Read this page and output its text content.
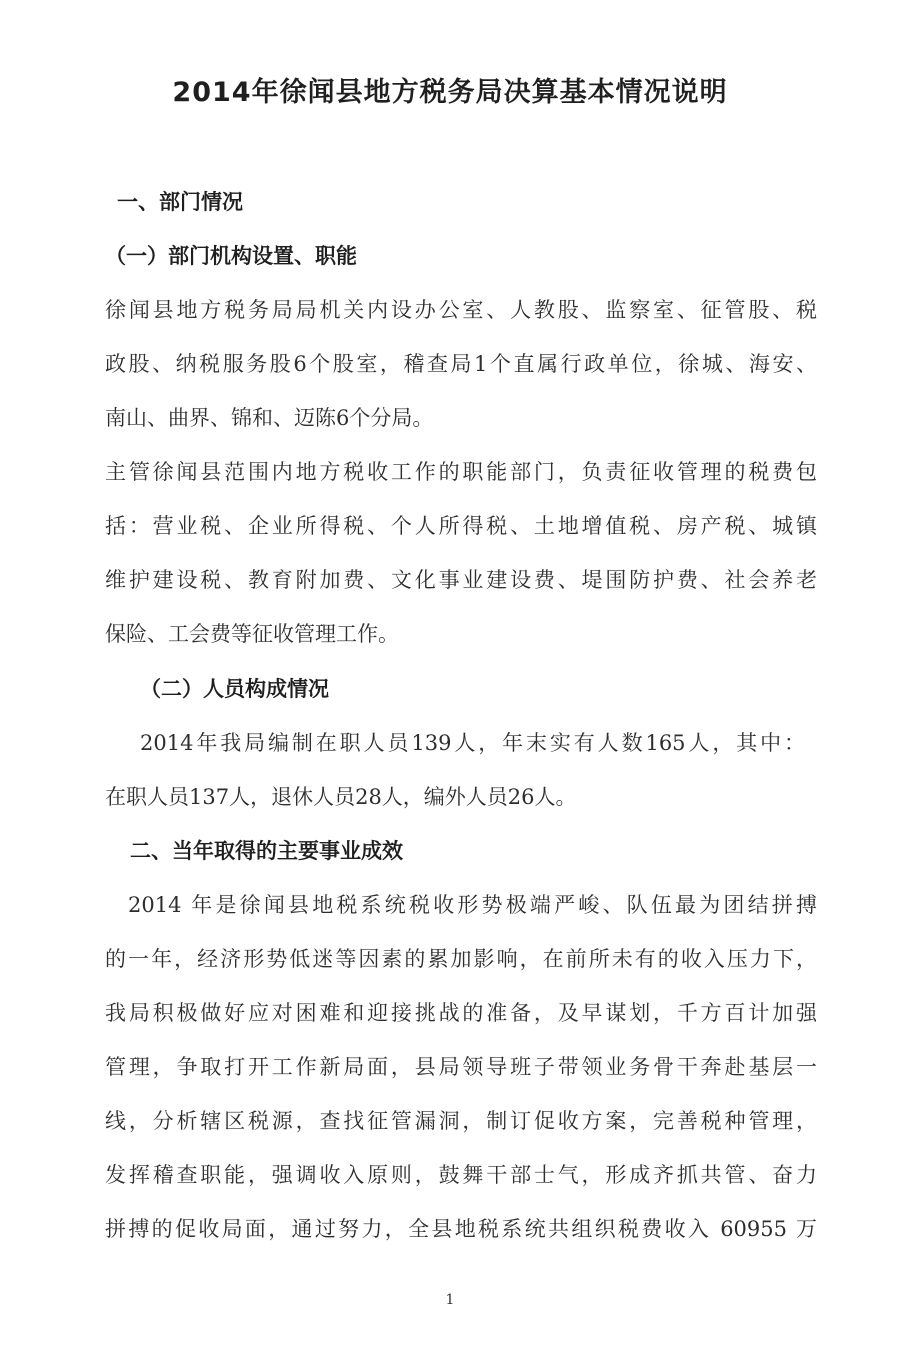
2014年徐闻县地方税务局决算基本情况说明
一、部门情况
（一）部门机构设置、职能
徐闻县地方税务局局机关内设办公室、人教股、监察室、征管股、税
政股、纳税服务股6个股室，稽查局1个直属行政单位，徐城、海安、
南山、曲界、锦和、迈陈6个分局。
主管徐闻县范围内地方税收工作的职能部门，负责征收管理的税费包
括：营业税、企业所得税、个人所得税、土地增值税、房产税、城镇
维护建设税、教育附加费、文化事业建设费、堤围防护费、社会养老
保险、工会费等征收管理工作。
（二）人员构成情况
2014年我局编制在职人员139人，年末实有人数165人，其中：
在职人员137人，退休人员28人，编外人员26人。
二、当年取得的主要事业成效
2014 年是徐闻县地税系统税收形势极端严峻、队伍最为团结拼搏
的一年，经济形势低迷等因素的累加影响，在前所未有的收入压力下，
我局积极做好应对困难和迎接挑战的准备，及早谋划，千方百计加强
管理，争取打开工作新局面，县局领导班子带领业务骨干奔赴基层一
线，分析辖区税源，查找征管漏洞，制订促收方案，完善税种管理，
发挥稽查职能，强调收入原则，鼓舞干部士气，形成齐抓共管、奋力
拼搏的促收局面，通过努力，全县地税系统共组织税费收入 60955 万
1
